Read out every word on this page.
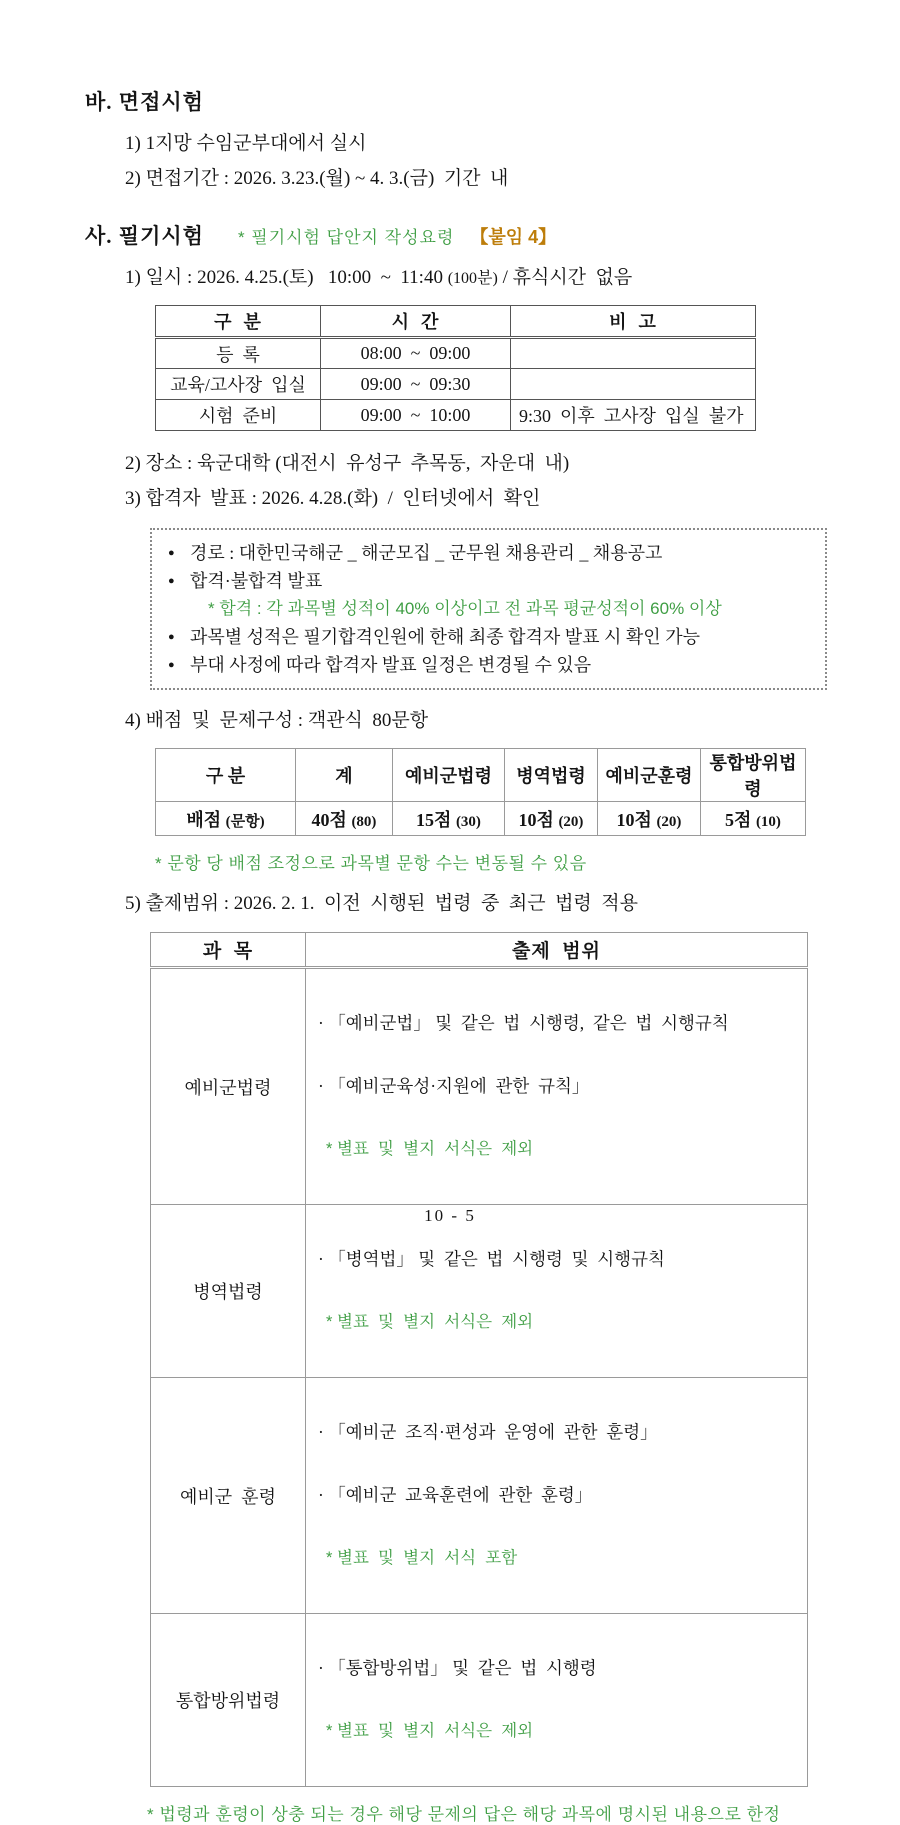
바. 면접시험
1) 1지망 수임군부대에서 실시
2) 면접기간 : 2026. 3.23.(월) ~ 4. 3.(금)  기간  내
사. 필기시험 * 필기시험 답안지 작성요령 【붙임 4】
1) 일시 : 2026. 4.25.(토)   10:00  ~  11:40 (100분) / 휴식시간  없음
구  분	시  간	비  고
등  록	08:00  ~  09:00	
교육/고사장  입실	09:00  ~  09:30	
시험  준비	09:00  ~  10:00	9:30  이후  고사장  입실  불가
2) 장소 : 육군대학 (대전시  유성구  추목동,  자운대  내)
3) 합격자  발표 : 2026. 4.28.(화)  /  인터넷에서  확인
● 경로 : 대한민국해군 _ 해군모집 _ 군무원 채용관리 _ 채용공고
● 합격·불합격 발표
* 합격 : 각 과목별 성적이 40% 이상이고 전 과목 평균성적이 60% 이상
● 과목별 성적은 필기합격인원에 한해 최종 합격자 발표 시 확인 가능
● 부대 사정에 따라 합격자 발표 일정은 변경될 수 있음
4) 배점  및  문제구성 : 객관식  80문항
구 분	계	예비군법령	병역법령	예비군훈령	통합방위법령
배점 (문항)	40점 (80)	15점 (30)	10점 (20)	10점 (20)	5점 (10)
* 문항 당 배점 조정으로 과목별 문항 수는 변동될 수 있음
5) 출제범위 : 2026. 2. 1.  이전  시행된  법령  중  최근  법령  적용
과  목	출제  범위
예비군법령	· 「예비군법」 및  같은  법  시행령,  같은  법  시행규칙

· 「예비군육성·지원에  관한  규칙」

* 별표  및  별지  서식은  제외

병역법령	· 「병역법」 및  같은  법  시행령  및  시행규칙

* 별표  및  별지  서식은  제외

예비군  훈령	· 「예비군  조직·편성과  운영에  관한  훈령」

· 「예비군  교육훈련에  관한  훈령」

* 별표  및  별지  서식  포함

통합방위법령	· 「통합방위법」 및  같은  법  시행령

* 별표  및  별지  서식은  제외

* 법령과 훈령이 상충 되는 경우 해당 문제의 답은 해당 과목에 명시된 내용으로 한정
10 - 5
